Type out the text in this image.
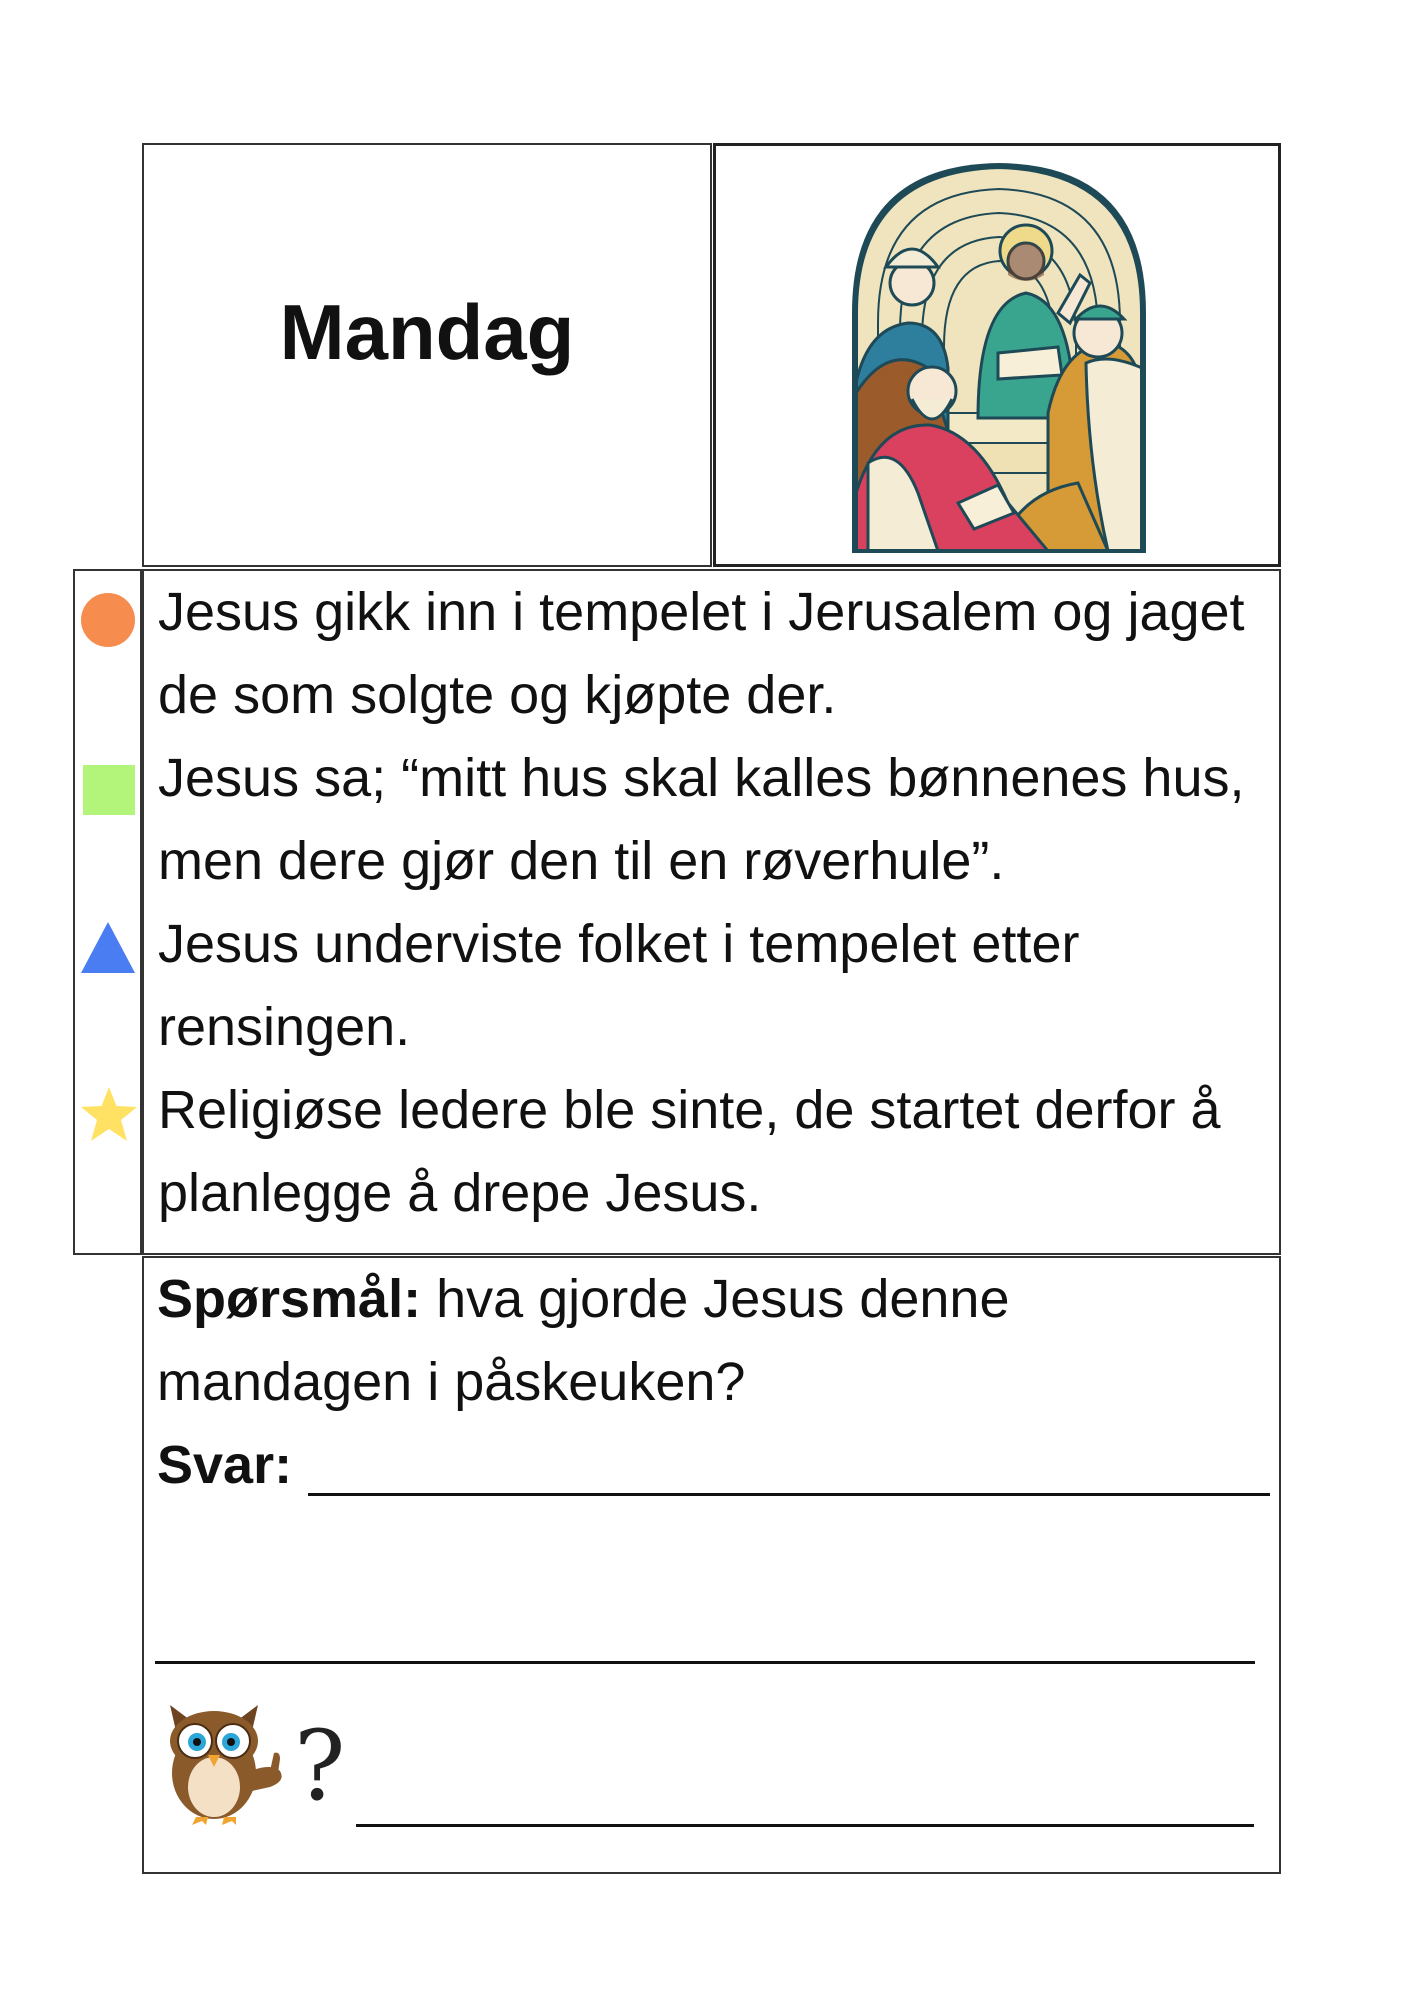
Mandag

Jesus gikk inn i tempelet i Jerusalem og jaget de som solgte og kjøpte der.

Jesus sa; “mitt hus skal kalles bønnenes hus, men dere gjør den til en røverhule”.

Jesus underviste folket i tempelet etter rensingen.

Religiøse ledere ble sinte, de startet derfor å planlegge å drepe Jesus.

Spørsmål: hva gjorde Jesus denne
mandagen i påskeuken?
Svar:
?
